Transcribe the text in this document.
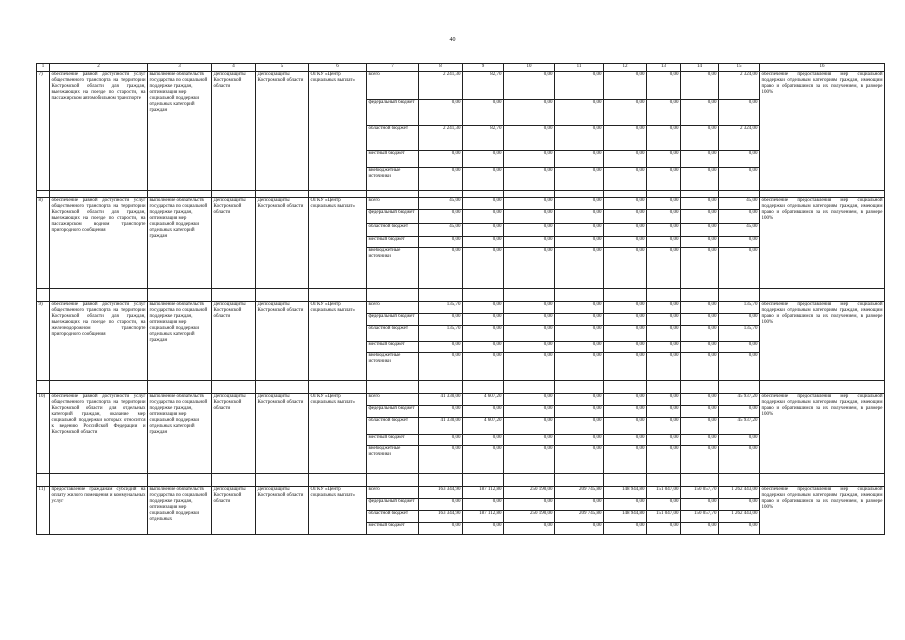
40
1	2	3	4	5	6	7	8	9	10	11	12	13	14	15	16
7)	обеспечение равной доступности услуг общественного транспорта на территории Костромской области для граждан, выезжающих на поезде по старости, на пассажирском автомобильном транспорте	выполнение обязательств государства по социальной поддержке граждан, оптимизация мер социальной поддержки отдельных категорий граждан	Депсоцзащиты Костромской области	Депсоцзащиты Костромской области	ОГКУ «Центр социальных выплат»	всего	2 241,30	82,70	0,00	0,00	0,00	0,00	0,00	2 324,00	обеспечение предоставления мер социальной поддержки отдельным категориям граждан, имеющим право и обратившимся за их получением, в размере 100%
						федеральный бюджет	0,00	0,00	0,00	0,00	0,00	0,00	0,00	0,00	
						областной бюджет	2 241,30	82,70	0,00	0,00	0,00	0,00	0,00	2 324,00	
						местный бюджет	0,00	0,00	0,00	0,00	0,00	0,00	0,00	0,00	
						внебюджетные источники	0,00	0,00	0,00	0,00	0,00	0,00	0,00	0,00	

8)	обеспечение равной доступности услуг общественного транспорта на территории Костромской области для граждан, выезжающих на поезде по старости, на пассажирском водном транспорте пригородного сообщения	выполнение обязательств государства по социальной поддержке граждан, оптимизация мер социальной поддержки отдельных категорий граждан	Депсоцзащиты Костромской области	Депсоцзащиты Костромской области	ОГКУ «Центр социальных выплат»	всего	45,00	0,00	0,00	0,00	0,00	0,00	0,00	45,00	обеспечение предоставления мер социальной поддержки отдельным категориям граждан, имеющим право и обратившимся за их получением, в размере 100%
						федеральный бюджет	0,00	0,00	0,00	0,00	0,00	0,00	0,00	0,00	
						областной бюджет	45,00	0,00	0,00	0,00	0,00	0,00	0,00	45,00	
						местный бюджет	0,00	0,00	0,00	0,00	0,00	0,00	0,00	0,00	
						внебюджетные источники	0,00	0,00	0,00	0,00	0,00	0,00	0,00	0,00	

9)	обеспечение равной доступности услуг общественного транспорта на территории Костромской области для граждан, выезжающих на поезде по старости, на железнодорожном транспорте пригородного сообщения	выполнение обязательств государства по социальной поддержке граждан, оптимизация мер социальной поддержки отдельных категорий граждан	Депсоцзащиты Костромской области	Депсоцзащиты Костромской области	ОГКУ «Центр социальных выплат»	всего	135,70	0,00	0,00	0,00	0,00	0,00	0,00	135,70	обеспечение предоставления мер социальной поддержки отдельным категориям граждан, имеющим право и обратившимся за их получением, в размере 100%
						федеральный бюджет	0,00	0,00	0,00	0,00	0,00	0,00	0,00	0,00	
						областной бюджет	135,70	0,00	0,00	0,00	0,00	0,00	0,00	135,70	
						местный бюджет	0,00	0,00	0,00	0,00	0,00	0,00	0,00	0,00	
						внебюджетные источники	0,00	0,00	0,00	0,00	0,00	0,00	0,00	0,00	

10)	обеспечение равной доступности услуг общественного транспорта на территории Костромской области для отдельных категорий граждан, оказание мер социальной поддержки которых относится к ведению Российской Федерации и Костромской области	выполнение обязательств государства по социальной поддержке граждан, оптимизация мер социальной поддержки отдельных категорий граждан	Депсоцзащиты Костромской области	Депсоцзащиты Костромской области	ОГКУ «Центр социальных выплат»	всего	41 330,00	4 607,20	0,00	0,00	0,00	0,00	0,00	45 937,20	обеспечение предоставления мер социальной поддержки отдельным категориям граждан, имеющим право и обратившимся за их получением, в размере 100%
						федеральный бюджет	0,00	0,00	0,00	0,00	0,00	0,00	0,00	0,00	
						областной бюджет	41 330,00	4 607,20	0,00	0,00	0,00	0,00	0,00	45 937,20	
						местный бюджет	0,00	0,00	0,00	0,00	0,00	0,00	0,00	0,00	
						внебюджетные источники	0,00	0,00	0,00	0,00	0,00	0,00	0,00	0,00	

11)	предоставление гражданам субсидий на оплату жилого помещения и коммунальных услуг	выполнение обязательств государства по социальной поддержке граждан, оптимизация мер социальной поддержки отдельных	Депсоцзащиты Костромской области	Депсоцзащиты Костромской области	ОГКУ «Центр социальных выплат»	всего	163 344,90	187 112,80	250 190,00	209 745,80	148 944,80	151 047,00	150 057,70	1 262 443,00	обеспечение предоставления мер социальной поддержки отдельным категориям граждан, имеющим право и обратившимся за их получением, в размере 100%
						федеральный бюджет	0,00	0,00	0,00	0,00	0,00	0,00	0,00	0,00	
						областной бюджет	163 344,90	187 112,80	250 190,00	209 745,80	148 944,80	151 047,00	150 057,70	1 262 443,00	
						местный бюджет	0,00	0,00	0,00	0,00	0,00	0,00	0,00	0,00	
